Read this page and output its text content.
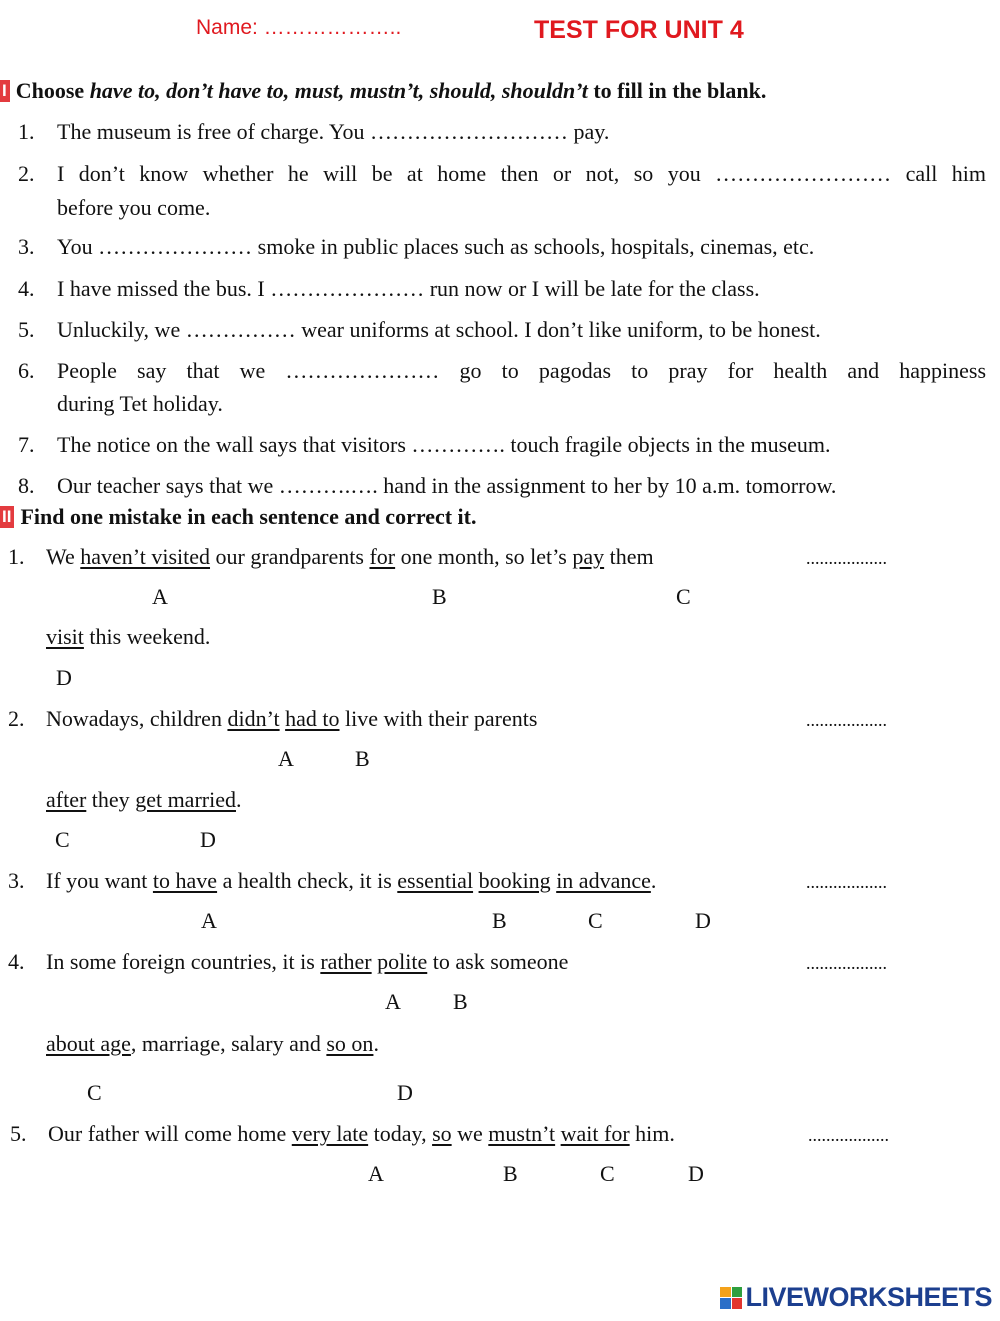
Name: ………………..	TEST FOR UNIT 4
I Choose have to, don’t have to, must, mustn’t, should, shouldn’t to fill in the blank.
1. The museum is free of charge. You ……………………… pay.
2. I don’t know whether he will be at home then or not, so you …………………… call him
before you come.
3. You ………………… smoke in public places such as schools, hospitals, cinemas, etc.
4. I have missed the bus. I ………………… run now or I will be late for the class.
5. Unluckily, we …………… wear uniforms at school. I don’t like uniform, to be honest.
6. People say that we ………………… go to pagodas to pray for health and happiness
during Tet holiday.
7. The notice on the wall says that visitors …………. touch fragile objects in the museum.
8. Our teacher says that we ……….…. hand in the assignment to her by 10 a.m. tomorrow.
II Find one mistake in each sentence and correct it.
1. We haven’t visited our grandparents for one month, so let’s pay them	..................
A	B	C
visit this weekend.
D
2. Nowadays, children didn’t had to live with their parents	..................
A	B
after they get married.
C	D
3. If you want to have a health check, it is essential booking in advance.	..................
A	B	C	D
4. In some foreign countries, it is rather polite to ask someone	..................
A B
about age, marriage, salary and so on.
C	D
5. Our father will come home very late today, so we mustn’t wait for him.	..................
A	B	C	D
LIVEWORKSHEETS
